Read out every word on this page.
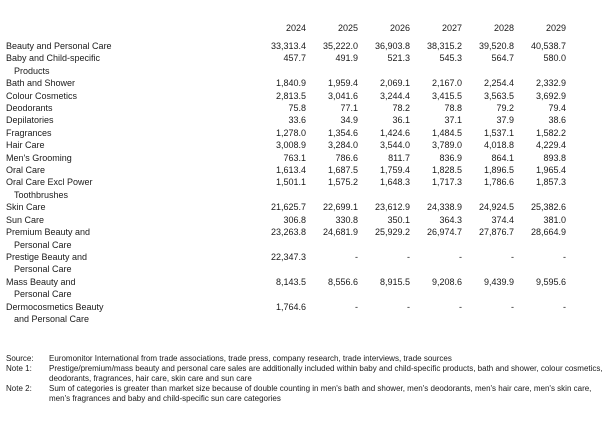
	2024	2025	2026	2027	2028	2029
Beauty and Personal Care	33,313.4	35,222.0	36,903.8	38,315.2	39,520.8	40,538.7
Baby and Child-specific
Products	457.7	491.9	521.3	545.3	564.7	580.0
Bath and Shower	1,840.9	1,959.4	2,069.1	2,167.0	2,254.4	2,332.9
Colour Cosmetics	2,813.5	3,041.6	3,244.4	3,415.5	3,563.5	3,692.9
Deodorants	75.8	77.1	78.2	78.8	79.2	79.4
Depilatories	33.6	34.9	36.1	37.1	37.9	38.6
Fragrances	1,278.0	1,354.6	1,424.6	1,484.5	1,537.1	1,582.2
Hair Care	3,008.9	3,284.0	3,544.0	3,789.0	4,018.8	4,229.4
Men's Grooming	763.1	786.6	811.7	836.9	864.1	893.8
Oral Care	1,613.4	1,687.5	1,759.4	1,828.5	1,896.5	1,965.4
Oral Care Excl Power
Toothbrushes	1,501.1	1,575.2	1,648.3	1,717.3	1,786.6	1,857.3
Skin Care	21,625.7	22,699.1	23,612.9	24,338.9	24,924.5	25,382.6
Sun Care	306.8	330.8	350.1	364.3	374.4	381.0
Premium Beauty and
Personal Care	23,263.8	24,681.9	25,929.2	26,974.7	27,876.7	28,664.9
Prestige Beauty and
Personal Care	22,347.3	-	-	-	-	-
Mass Beauty and
Personal Care	8,143.5	8,556.6	8,915.5	9,208.6	9,439.9	9,595.6
Dermocosmetics Beauty
and Personal Care	1,764.6	-	-	-	-	-
Source:	Euromonitor International from trade associations, trade press, company research, trade interviews, trade sources
Note 1:	Prestige/premium/mass beauty and personal care sales are additionally included within baby and child-specific products, bath and shower, colour cosmetics, deodorants, fragrances, hair care, skin care and sun care
Note 2:	Sum of categories is greater than market size because of double counting in men's bath and shower, men's deodorants, men's hair care, men's skin care, men's fragrances and baby and child-specific sun care categories
